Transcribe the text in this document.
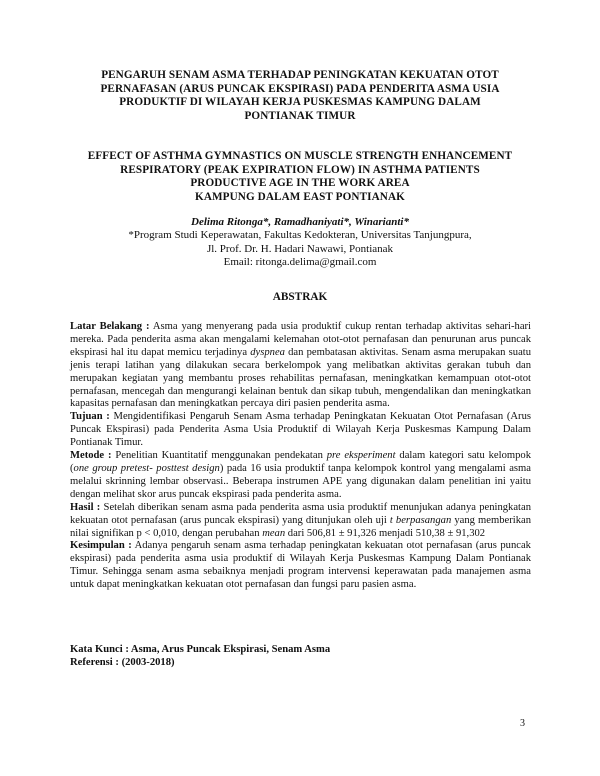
PENGARUH SENAM ASMA TERHADAP PENINGKATAN KEKUATAN OTOT
PERNAFASAN (ARUS PUNCAK EKSPIRASI) PADA PENDERITA ASMA USIA
PRODUKTIF DI WILAYAH KERJA PUSKESMAS KAMPUNG DALAM
PONTIANAK TIMUR
EFFECT OF ASTHMA GYMNASTICS ON MUSCLE STRENGTH ENHANCEMENT
RESPIRATORY (PEAK EXPIRATION FLOW) IN ASTHMA PATIENTS
PRODUCTIVE AGE IN THE WORK AREA
KAMPUNG DALAM EAST PONTIANAK
Delima Ritonga*, Ramadhaniyati*, Winarianti*
*Program Studi Keperawatan, Fakultas Kedokteran, Universitas Tanjungpura,
Jl. Prof. Dr. H. Hadari Nawawi, Pontianak
Email: ritonga.delima@gmail.com
ABSTRAK

Latar Belakang : Asma yang menyerang pada usia produktif cukup rentan terhadap aktivitas sehari-hari mereka. Pada penderita asma akan mengalami kelemahan otot-otot pernafasan dan penurunan arus puncak ekspirasi hal itu dapat memicu terjadinya dyspnea dan pembatasan aktivitas. Senam asma merupakan suatu jenis terapi latihan yang dilakukan secara berkelompok yang melibatkan aktivitas gerakan tubuh dan merupakan kegiatan yang membantu proses rehabilitas pernafasan, meningkatkan kemampuan otot-otot pernafasan, mencegah dan mengurangi kelainan bentuk dan sikap tubuh, mengendalikan dan meningkatkan kapasitas pernafasan dan meningkatkan percaya diri pasien penderita asma.

Tujuan : Mengidentifikasi Pengaruh Senam Asma terhadap Peningkatan Kekuatan Otot Pernafasan (Arus Puncak Ekspirasi) pada Penderita Asma Usia Produktif di Wilayah Kerja Puskesmas Kampung Dalam Pontianak Timur.

Metode : Penelitian Kuantitatif menggunakan pendekatan pre eksperiment dalam kategori satu kelompok (one group pretest- posttest design) pada 16 usia produktif tanpa kelompok kontrol yang mengalami asma melalui skrinning lembar observasi.. Beberapa instrumen APE yang digunakan dalam penelitian ini yaitu dengan melihat skor arus puncak ekspirasi pada penderita asma.

Hasil : Setelah diberikan senam asma pada penderita asma usia produktif menunjukan adanya peningkatan kekuatan otot pernafasan (arus puncak ekspirasi) yang ditunjukan oleh uji t berpasangan yang memberikan nilai signifikan p < 0,010, dengan perubahan mean dari 506,81 ± 91,326 menjadi 510,38 ± 91,302

Kesimpulan : Adanya pengaruh senam asma terhadap peningkatan kekuatan otot pernafasan (arus puncak ekspirasi) pada penderita asma usia produktif di Wilayah Kerja Puskesmas Kampung Dalam Pontianak Timur. Sehingga senam asma sebaiknya menjadi program intervensi keperawatan pada manajemen asma untuk dapat meningkatkan kekuatan otot pernafasan dan fungsi paru pasien asma.

Kata Kunci : Asma, Arus Puncak Ekspirasi, Senam Asma
Referensi : (2003-2018)
3
